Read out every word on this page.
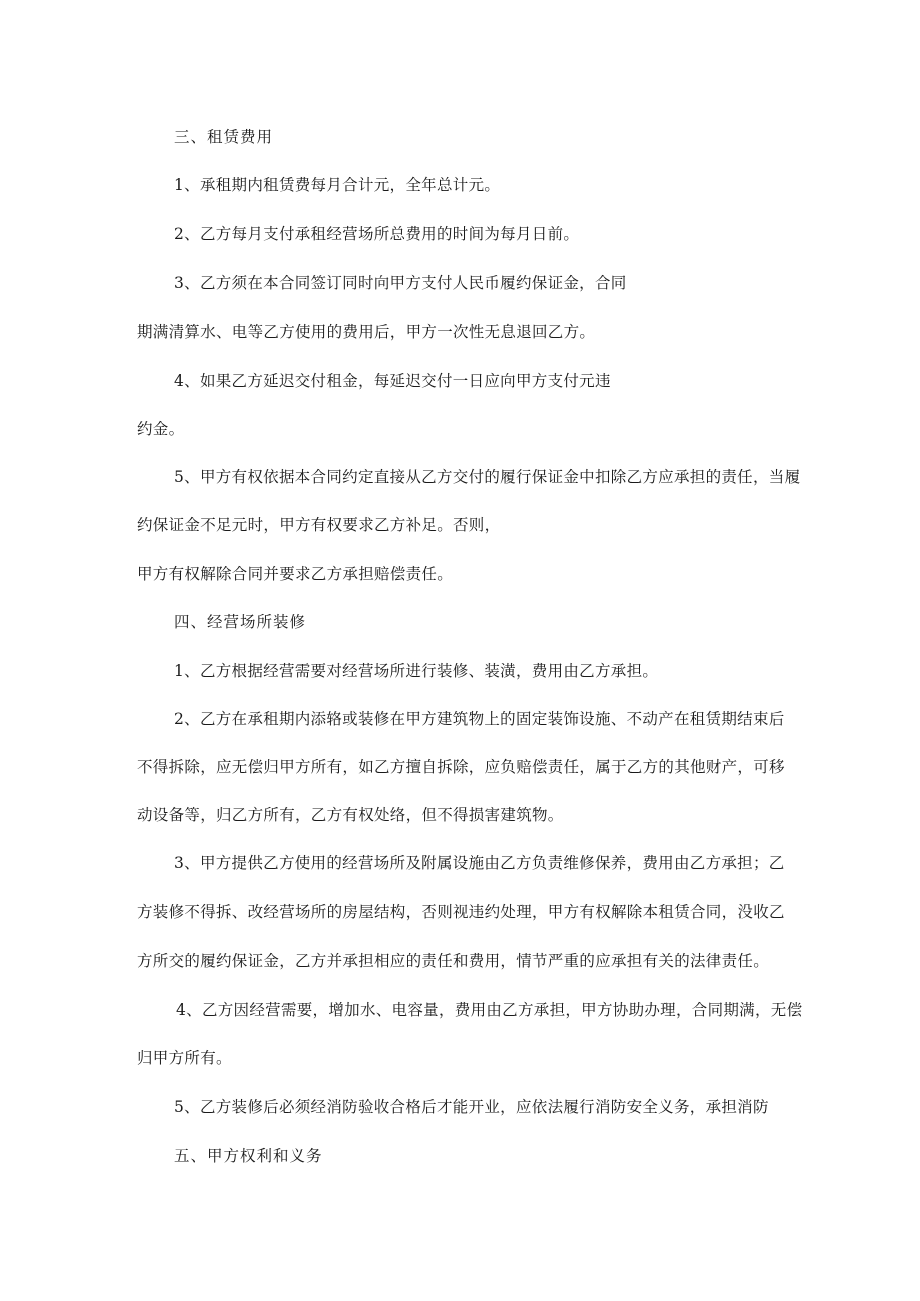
三、租赁费用
1、承租期内租赁费每月合计元，全年总计元。
2、乙方每月支付承租经营场所总费用的时间为每月日前。
3、乙方须在本合同签订同时向甲方支付人民币履约保证金，合同
期满清算水、电等乙方使用的费用后，甲方一次性无息退回乙方。
4、如果乙方延迟交付租金，每延迟交付一日应向甲方支付元违
约金。
5、甲方有权依据本合同约定直接从乙方交付的履行保证金中扣除乙方应承担的责任，当履
约保证金不足元时，甲方有权要求乙方补足。否则，
甲方有权解除合同并要求乙方承担赔偿责任。
四、经营场所装修
1、乙方根据经营需要对经营场所进行装修、装潢，费用由乙方承担。
2、乙方在承租期内添辂或装修在甲方建筑物上的固定装饰设施、不动产在租赁期结束后
不得拆除，应无偿归甲方所有，如乙方擅自拆除，应负赔偿责任，属于乙方的其他财产，可移
动设备等，归乙方所有，乙方有权处络，但不得损害建筑物。
3、甲方提供乙方使用的经营场所及附属设施由乙方负责维修保养，费用由乙方承担；乙
方装修不得拆、改经营场所的房屋结构，否则视违约处理，甲方有权解除本租赁合同，没收乙
方所交的履约保证金，乙方并承担相应的责任和费用，情节严重的应承担有关的法律责任。
4、乙方因经营需要，增加水、电容量，费用由乙方承担，甲方协助办理，合同期满，无偿
归甲方所有。
5、乙方装修后必须经消防验收合格后才能开业，应依法履行消防安全义务，承担消防
五、甲方权利和义务
